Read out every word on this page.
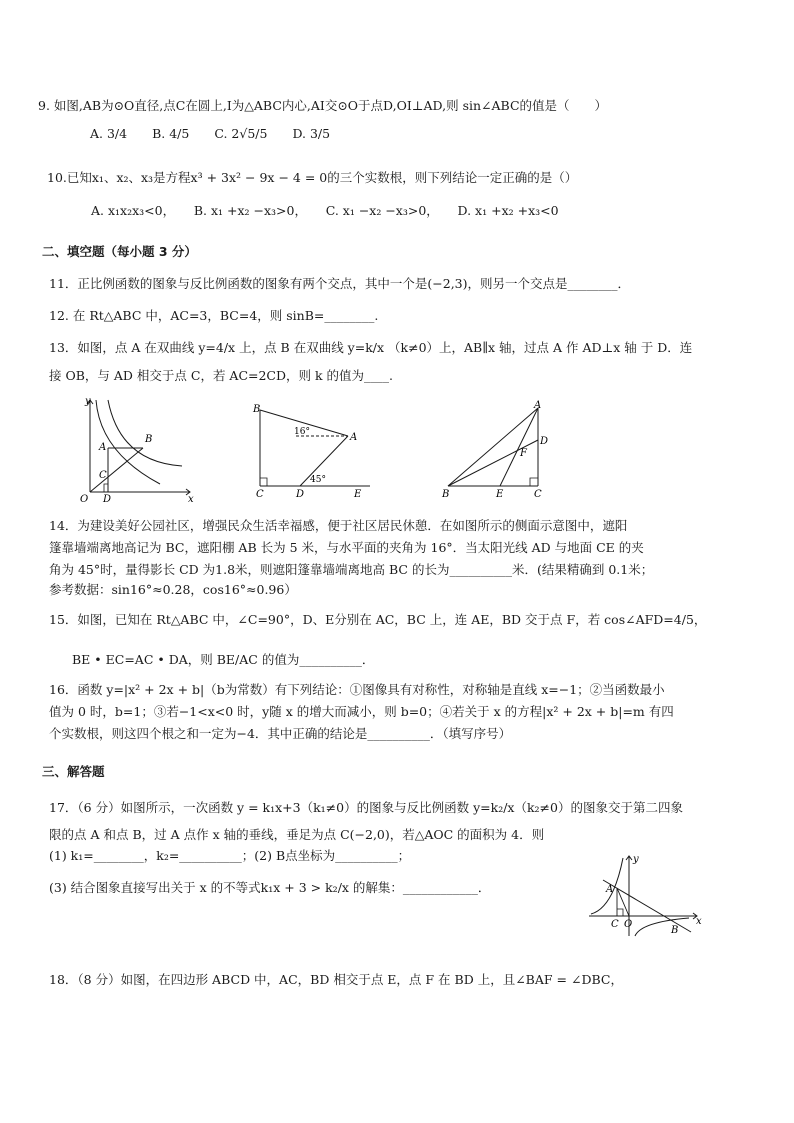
9. 如图,AB为⊙O直径,点C在圆上,I为△ABC内心,AI交⊙O于点D,OI⊥AD,则 sin∠ABC的值是（　　）
A. 3/4　　B. 4/5　　C. 2√5/5　　D. 3/5
10.已知x₁、x₂、x₃是方程x³ + 3x² − 9x − 4 = 0的三个实数根，则下列结论一定正确的是（）
A. x₁x₂x₃<0，　　B. x₁ +x₂ −x₃>0，　　C. x₁ −x₂ −x₃>0，　　D. x₁ +x₂ +x₃<0
二、填空题（每小题 3 分）
11．正比例函数的图象与反比例函数的图象有两个交点，其中一个是(−2,3)，则另一个交点是________．
12. 在 Rt△ABC 中，AC=3，BC=4，则 sinB=________.
13．如图，点 A 在双曲线 y=4/x 上，点 B 在双曲线 y=k/x （k≠0）上，AB∥x 轴，过点 A 作 AD⊥x 轴 于 D．连
接 OB，与 AD 相交于点 C，若 AC=2CD，则 k 的值为____.
y
x
A
B
C
O D
B
A
C	D	E
16°
45°
A
D
F
B	E	C
14．为建设美好公园社区，增强民众生活幸福感，便于社区居民休憩．在如图所示的侧面示意图中，遮阳
篷靠墙端离地高记为 BC，遮阳棚 AB 长为 5 米，与水平面的夹角为 16°．当太阳光线 AD 与地面 CE 的夹
角为 45°时，量得影长 CD 为1.8米，则遮阳篷靠墙端离地高 BC 的长为__________米．(结果精确到 0.1米；
参考数据：sin16°≈0.28，cos16°≈0.96）
15．如图，已知在 Rt△ABC 中，∠C=90°，D、E分别在 AC，BC 上，连 AE，BD 交于点 F，若 cos∠AFD=4/5，
BE • EC=AC • DA，则 BE/AC 的值为__________．
16．函数 y=|x² + 2x + b|（b为常数）有下列结论：①图像具有对称性，对称轴是直线 x=−1；②当函数最小
值为 0 时，b=1；③若−1<x<0 时，y随 x 的增大而减小，则 b=0；④若关于 x 的方程|x² + 2x + b|=m 有四
个实数根，则这四个根之和一定为−4．其中正确的结论是__________．（填写序号）
三、解答题
17．（6 分）如图所示，一次函数 y = k₁x+3（k₁≠0）的图象与反比例函数 y=k₂/x（k₂≠0）的图象交于第二四象
限的点 A 和点 B，过 A 点作 x 轴的垂线，垂足为点 C(−2,0)，若△AOC 的面积为 4．则
(1) k₁=________，k₂=__________；(2) B点坐标为__________；
(3) 结合图象直接写出关于 x 的不等式k₁x + 3 > k₂/x 的解集：____________．
y
x
A
C O
B
18．（8 分）如图，在四边形 ABCD 中，AC，BD 相交于点 E，点 F 在 BD 上，且∠BAF = ∠DBC，
